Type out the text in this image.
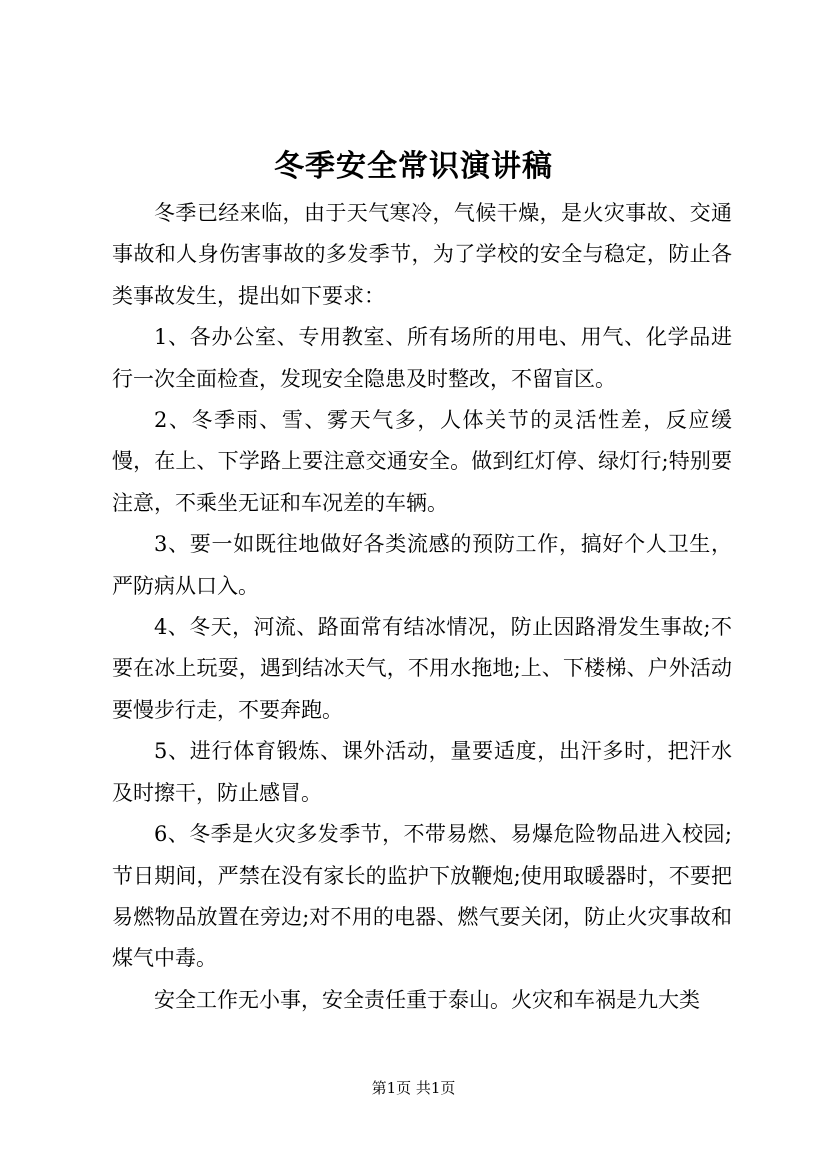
冬季安全常识演讲稿

冬季已经来临，由于天气寒冷，气候干燥，是火灾事故、交通事故和人身伤害事故的多发季节，为了学校的安全与稳定，防止各类事故发生，提出如下要求：

1、各办公室、专用教室、所有场所的用电、用气、化学品进行一次全面检查，发现安全隐患及时整改，不留盲区。

2、冬季雨、雪、雾天气多，人体关节的灵活性差，反应缓慢，在上、下学路上要注意交通安全。做到红灯停、绿灯行;特别要注意，不乘坐无证和车况差的车辆。

3、要一如既往地做好各类流感的预防工作，搞好个人卫生，严防病从口入。

4、冬天，河流、路面常有结冰情况，防止因路滑发生事故;不要在冰上玩耍，遇到结冰天气，不用水拖地;上、下楼梯、户外活动要慢步行走，不要奔跑。

5、进行体育锻炼、课外活动，量要适度，出汗多时，把汗水及时擦干，防止感冒。

6、冬季是火灾多发季节，不带易燃、易爆危险物品进入校园;节日期间，严禁在没有家长的监护下放鞭炮;使用取暖器时，不要把易燃物品放置在旁边;对不用的电器、燃气要关闭，防止火灾事故和煤气中毒。

安全工作无小事，安全责任重于泰山。火灾和车祸是九大类

第1页 共1页
